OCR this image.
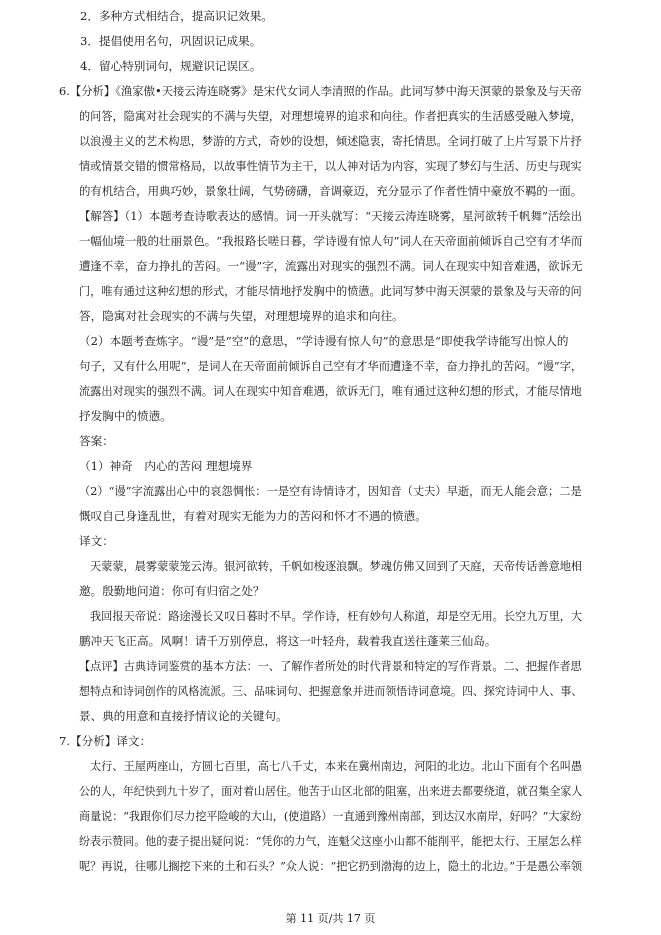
2．多种方式相结合，提高识记效果。
3．提倡使用名句，巩固识记成果。
4．留心特别词句，规避识记误区。
6.【分析】《渔家傲•天接云涛连晓雾》是宋代女词人李清照的作品。此词写梦中海天溟蒙的景象及与天帝
的问答，隐寓对社会现实的不满与失望，对理想境界的追求和向往。作者把真实的生活感受融入梦境，
以浪漫主义的艺术构思，梦游的方式，奇妙的设想，倾述隐衷，寄托情思。全词打破了上片写景下片抒
情或情景交错的惯常格局，以故事性情节为主干，以人神对话为内容，实现了梦幻与生活、历史与现实
的有机结合，用典巧妙，景象壮阔，气势磅礴，音调豪迈，充分显示了作者性情中豪放不羁的一面。
【解答】（1）本题考查诗歌表达的感情。词一开头就写：“天接云涛连晓雾，星河欲转千帆舞”活绘出
一幅仙境一般的壮丽景色。“我报路长嗟日暮，学诗谩有惊人句”词人在天帝面前倾诉自己空有才华而
遭逢不幸，奋力挣扎的苦闷。一“谩”字，流露出对现实的强烈不满。词人在现实中知音难遇，欲诉无
门，唯有通过这种幻想的形式，才能尽情地抒发胸中的愤懑。此词写梦中海天溟蒙的景象及与天帝的问
答，隐寓对社会现实的不满与失望，对理想境界的追求和向往。
（2）本题考查炼字。“谩”是“空”的意思，“学诗谩有惊人句”的意思是“即使我学诗能写出惊人的
句子，又有什么用呢”，是词人在天帝面前倾诉自己空有才华而遭逢不幸，奋力挣扎的苦闷。“谩”字，
流露出对现实的强烈不满。词人在现实中知音难遇，欲诉无门，唯有通过这种幻想的形式，才能尽情地
抒发胸中的愤懑。
答案：
（1）神奇　内心的苦闷 理想境界
（2）“谩”字流露出心中的哀怨惆怅：一是空有诗情诗才，因知音（丈夫）早逝，而无人能会意；二是
慨叹自己身逢乱世，有着对现实无能为力的苦闷和怀才不遇的愤懑。
译文：
天蒙蒙，晨雾蒙蒙笼云涛。银河欲转，千帆如梭逐浪飘。梦魂仿佛又回到了天庭，天帝传话善意地相
邀。殷勤地问道：你可有归宿之处？
我回报天帝说：路途漫长又叹日暮时不早。学作诗，枉有妙句人称道，却是空无用。长空九万里，大
鹏冲天飞正高。风啊！请千万别停息，将这一叶轻舟，载着我直送往蓬莱三仙岛。
【点评】古典诗词鉴赏的基本方法：一、了解作者所处的时代背景和特定的写作背景。二、把握作者思
想特点和诗词创作的风格流派。三、品味词句、把握意象并进而领悟诗词意境。四、探究诗词中人、事、
景、典的用意和直接抒情议论的关键句。
7.【分析】译文：
太行、王屋两座山，方圆七百里，高七八千丈，本来在冀州南边，河阳的北边。北山下面有个名叫愚
公的人，年纪快到九十岁了，面对着山居住。他苦于山区北部的阻塞，出来进去都要绕道，就召集全家人
商量说：“我跟你们尽力挖平险峻的大山，(使道路）一直通到豫州南部，到达汉水南岸，好吗？”大家纷
纷表示赞同。他的妻子提出疑问说：“凭你的力气，连魁父这座小山都不能削平，能把太行、王屋怎么样
呢？再说，往哪儿搁挖下来的土和石头？”众人说：“把它扔到渤海的边上，隐土的北边。”于是愚公率领
第 11 页/共 17 页
